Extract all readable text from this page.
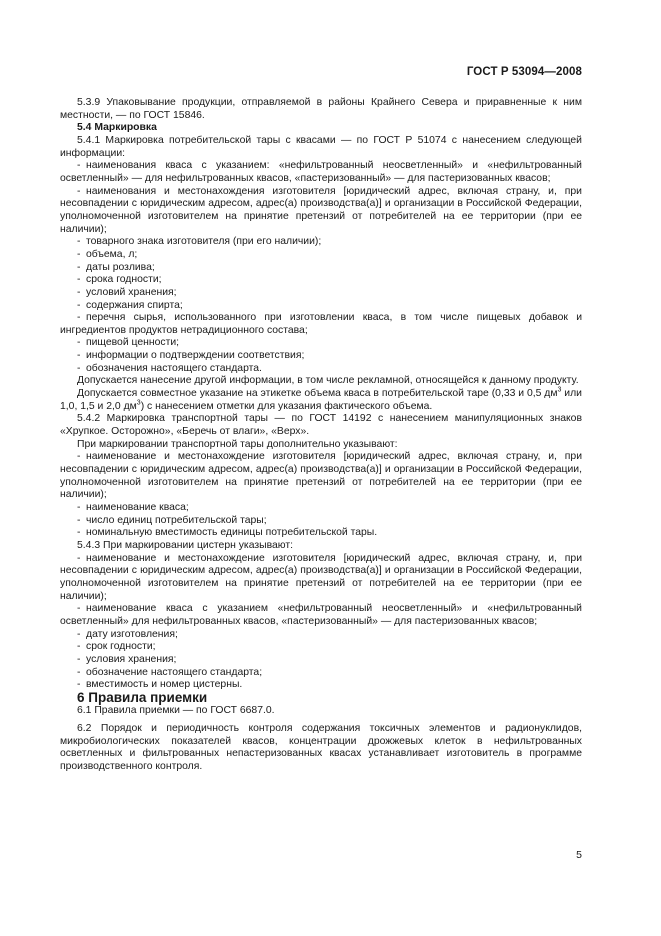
ГОСТ Р 53094—2008

5.3.9 Упаковывание продукции, отправляемой в районы Крайнего Севера и приравненные к ним местности, — по ГОСТ 15846.

5.4 Маркировка

5.4.1 Маркировка потребительской тары с квасами — по ГОСТ Р 51074 с нанесением следующей информации:

- наименования кваса с указанием: «нефильтрованный неосветленный» и «нефильтрованный осветленный» — для нефильтрованных квасов, «пастеризованный» — для пастеризованных квасов;

- наименования и местонахождения изготовителя [юридический адрес, включая страну, и, при несовпадении с юридическим адресом, адрес(а) производства(а)] и организации в Российской Федерации, уполномоченной изготовителем на принятие претензий от потребителей на ее территории (при ее наличии);

- товарного знака изготовителя (при его наличии);

- объема, л;

- даты розлива;

- срока годности;

- условий хранения;

- содержания спирта;

- перечня сырья, использованного при изготовлении кваса, в том числе пищевых добавок и ингредиентов продуктов нетрадиционного состава;

- пищевой ценности;

- информации о подтверждении соответствия;

- обозначения настоящего стандарта.

Допускается нанесение другой информации, в том числе рекламной, относящейся к данному продукту.

Допускается совместное указание на этикетке объема кваса в потребительской таре (0,33 и 0,5 $дм^3$ или 1,0, 1,5 и 2,0 $дм^3$) с нанесением отметки для указания фактического объема.

5.4.2 Маркировка транспортной тары — по ГОСТ 14192 с нанесением манипуляционных знаков «Хрупкое. Осторожно», «Беречь от влаги», «Верх».

При маркировании транспортной тары дополнительно указывают:

- наименование и местонахождение изготовителя [юридический адрес, включая страну, и, при несовпадении с юридическим адресом, адрес(а) производства(а)] и организации в Российской Федерации, уполномоченной изготовителем на принятие претензий от потребителей на ее территории (при ее наличии);

- наименование кваса;

- число единиц потребительской тары;

- номинальную вместимость единицы потребительской тары.

5.4.3 При маркировании цистерн указывают:

- наименование и местонахождение изготовителя [юридический адрес, включая страну, и, при несовпадении с юридическим адресом, адрес(а) производства(а)] и организации в Российской Федерации, уполномоченной изготовителем на принятие претензий от потребителей на ее территории (при ее наличии);

- наименование кваса с указанием «нефильтрованный неосветленный» и «нефильтрованный осветленный» для нефильтрованных квасов, «пастеризованный» — для пастеризованных квасов;

- дату изготовления;

- срок годности;

- условия хранения;

- обозначение настоящего стандарта;

- вместимость и номер цистерны.

6 Правила приемки

6.1 Правила приемки — по ГОСТ 6687.0.

6.2 Порядок и периодичность контроля содержания токсичных элементов и радионуклидов, микробиологических показателей квасов, концентрации дрожжевых клеток в нефильтрованных осветленных и фильтрованных непастеризованных квасах устанавливает изготовитель в программе производственного контроля.

5
